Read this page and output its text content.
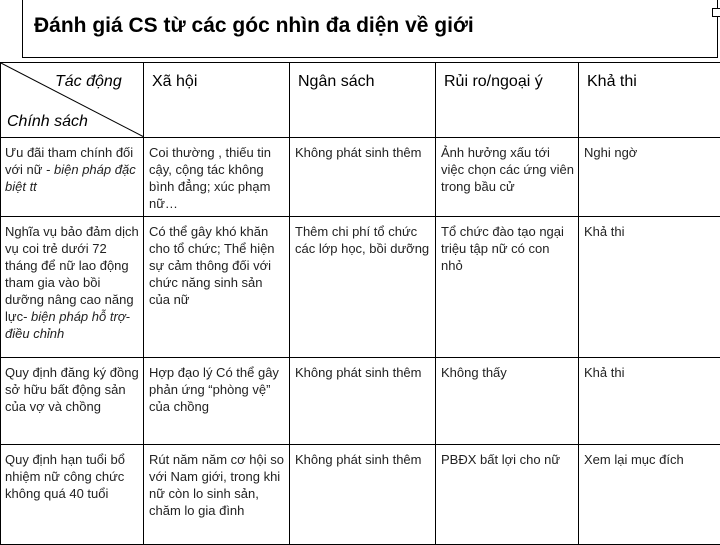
Đánh giá CS từ các góc nhìn đa diện về giới
Tác động
Chính sách	Xã hội	Ngân sách	Rủi ro/ngoại ý	Khả thi

Ưu đãi tham chính đối với nữ - biện pháp đặc biệt tt	Coi thường , thiếu tin cậy, cộng tác không bình đẳng; xúc phạm nữ…	Không phát sinh thêm	Ảnh hưởng xấu tới việc chọn các ứng viên trong bầu cử	Nghi ngờ

Nghĩa vụ bảo đảm dịch vụ coi trẻ dưới 72 tháng để nữ lao động tham gia vào bồi dưỡng nâng cao năng lực- biện pháp hỗ trợ- điều chỉnh	Có thể gây khó khăn cho tổ chức; Thể hiện sự cảm thông đối với chức năng sinh sản của nữ	Thêm chi phí tổ chức các lớp học, bồi dưỡng	Tổ chức đào tạo ngại triệu tập nữ có con nhỏ	Khả thi

Quy định đăng ký đồng sở hữu bất động sản của vợ và chồng	Hợp đạo lý Có thể gây phản ứng “phòng vệ” của chồng	Không phát sinh thêm	Không thấy	Khả thi

Quy định hạn tuổi bổ nhiệm nữ công chức không quá 40 tuổi	Rút năm năm cơ hội so với Nam giới, trong khi nữ còn lo sinh sản, chăm lo gia đình	Không phát sinh thêm	PBĐX bất lợi cho nữ	Xem lại mục đích
